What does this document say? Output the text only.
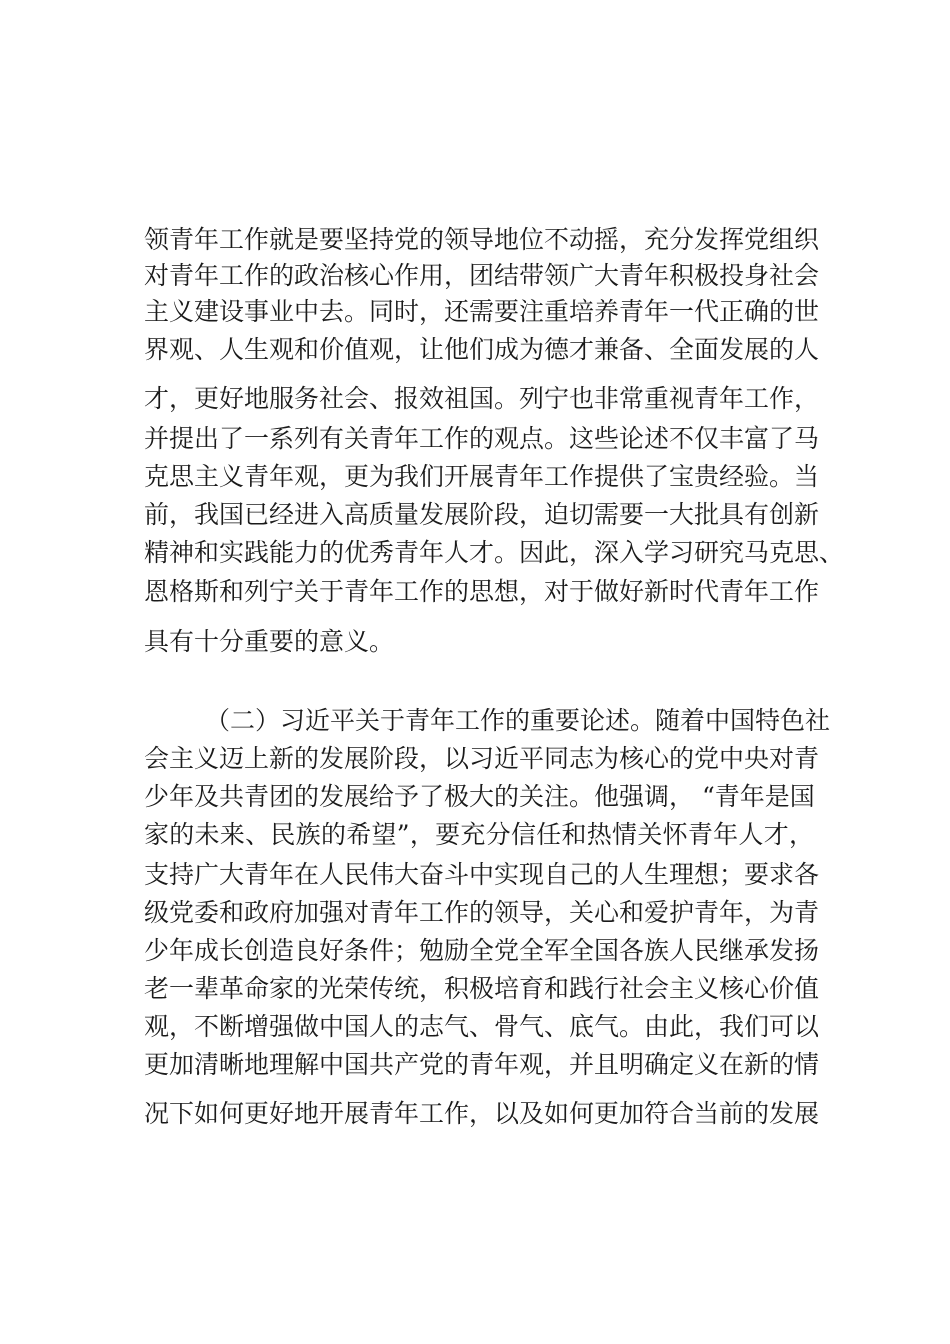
领青年工作就是要坚持党的领导地位不动摇，充分发挥党组织
对青年工作的政治核心作用，团结带领广大青年积极投身社会
主义建设事业中去。同时，还需要注重培养青年一代正确的世
界观、人生观和价值观，让他们成为德才兼备、全面发展的人
才，更好地服务社会、报效祖国。列宁也非常重视青年工作，
并提出了一系列有关青年工作的观点。这些论述不仅丰富了马
克思主义青年观，更为我们开展青年工作提供了宝贵经验。当
前，我国已经进入高质量发展阶段，迫切需要一大批具有创新
精神和实践能力的优秀青年人才。因此，深入学习研究马克思、
恩格斯和列宁关于青年工作的思想，对于做好新时代青年工作
具有十分重要的意义。
（二）习近平关于青年工作的重要论述。随着中国特色社
会主义迈上新的发展阶段，以习近平同志为核心的党中央对青
少年及共青团的发展给予了极大的关注。他强调， “青年是国
家的未来、民族的希望”，要充分信任和热情关怀青年人才，
支持广大青年在人民伟大奋斗中实现自己的人生理想；要求各
级党委和政府加强对青年工作的领导，关心和爱护青年，为青
少年成长创造良好条件；勉励全党全军全国各族人民继承发扬
老一辈革命家的光荣传统，积极培育和践行社会主义核心价值
观，不断增强做中国人的志气、骨气、底气。由此，我们可以
更加清晰地理解中国共产党的青年观，并且明确定义在新的情
况下如何更好地开展青年工作，以及如何更加符合当前的发展
